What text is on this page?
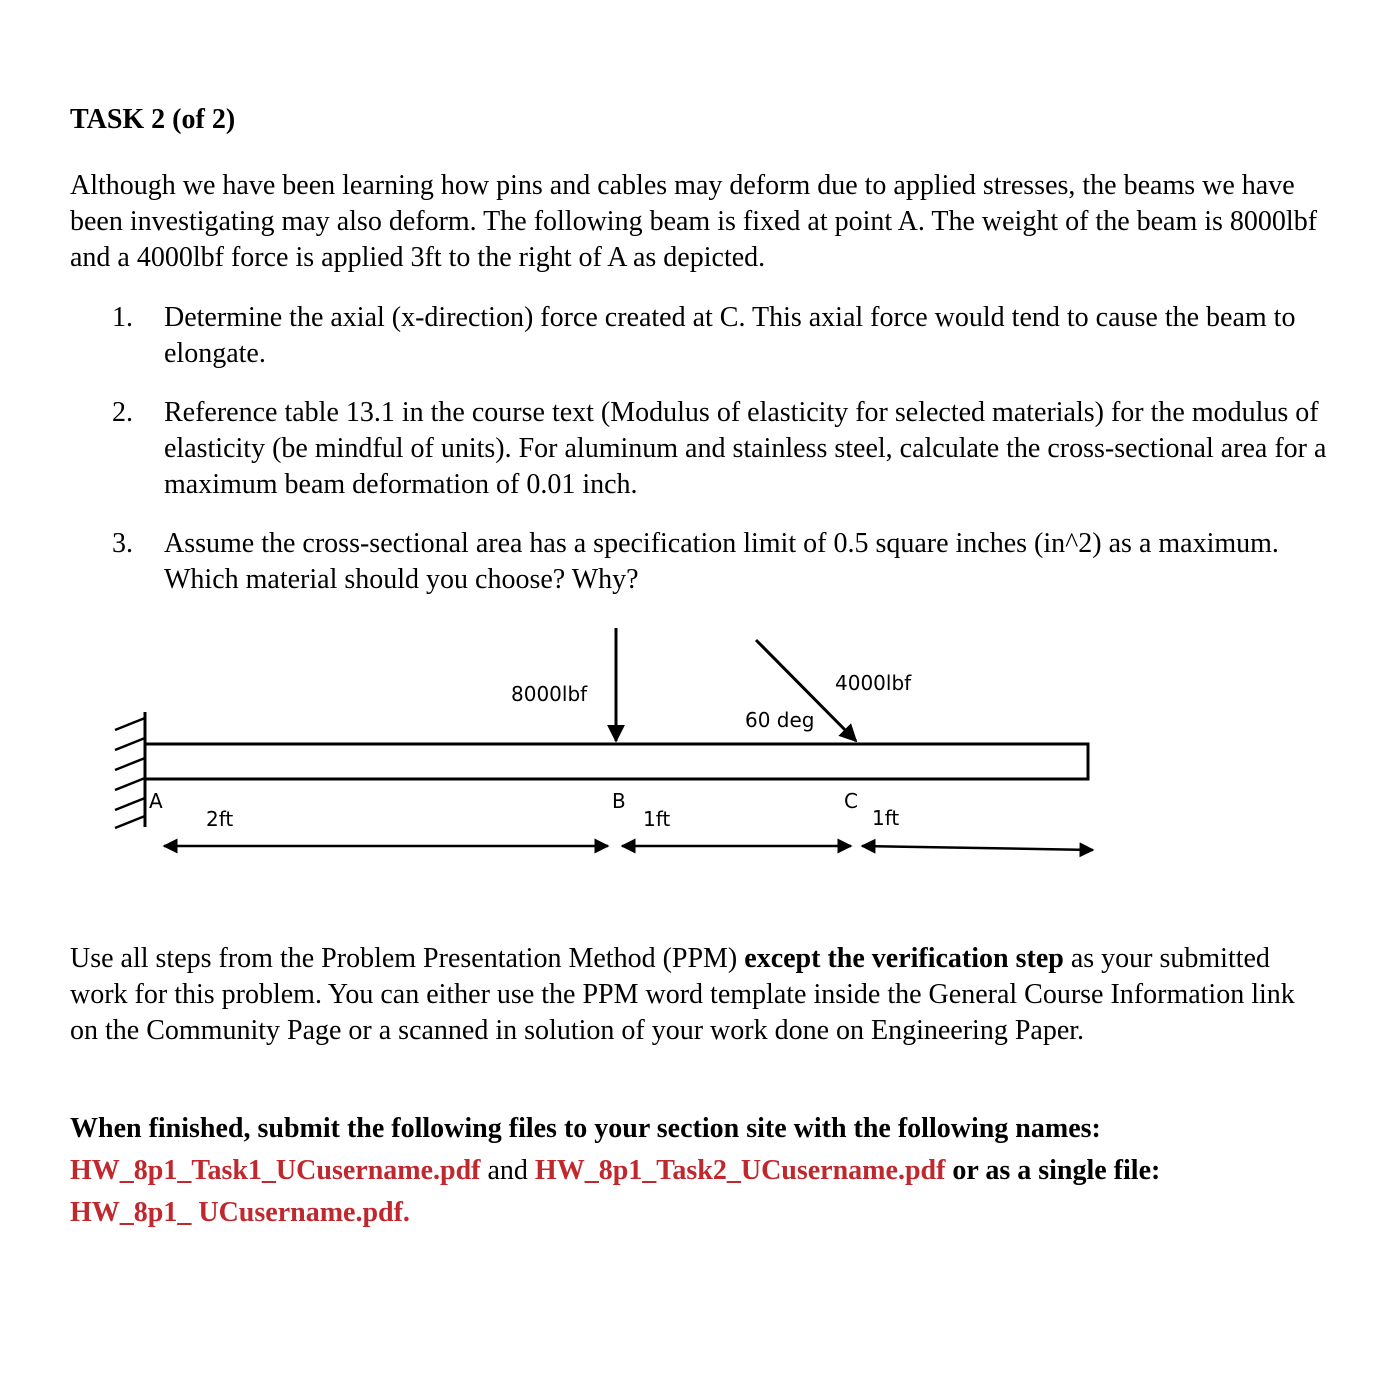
TASK 2 (of 2)

Although we have been learning how pins and cables may deform due to applied stresses, the beams we have been investigating may also deform. The following beam is fixed at point A. The weight of the beam is 8000lbf and a 4000lbf force is applied 3ft to the right of A as depicted.

1. Determine the axial (x-direction) force created at C. This axial force would tend to cause the beam to elongate.
2. Reference table 13.1 in the course text (Modulus of elasticity for selected materials) for the modulus of elasticity (be mindful of units). For aluminum and stainless steel, calculate the cross-sectional area for a maximum beam deformation of 0.01 inch.
3. Assume the cross-sectional area has a specification limit of 0.5 square inches (in^2) as a maximum. Which material should you choose? Why?
8000lbf	4000lbf
60 deg
A	B	C
2ft	1ft	1ft

Use all steps from the Problem Presentation Method (PPM) except the verification step as your submitted work for this problem. You can either use the PPM word template inside the General Course Information link on the Community Page or a scanned in solution of your work done on Engineering Paper.

When finished, submit the following files to your section site with the following names:
HW_8p1_Task1_UCusername.pdf and HW_8p1_Task2_UCusername.pdf or as a single file:
HW_8p1_ UCusername.pdf.
